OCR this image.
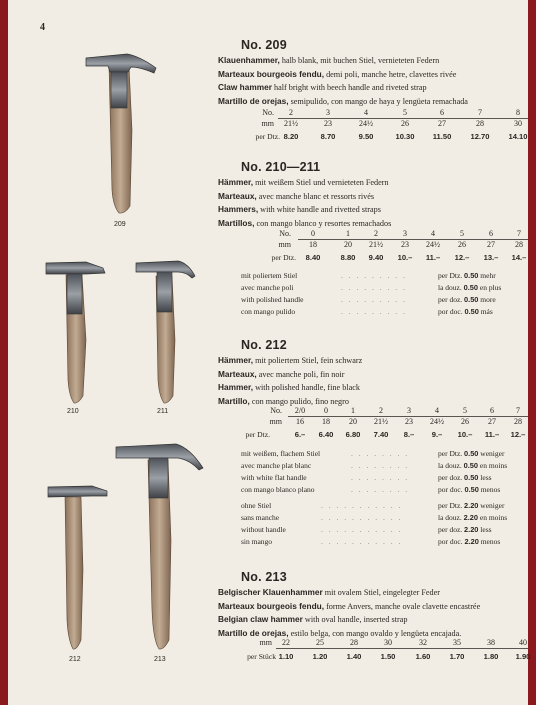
4
209
210	211
212	213
No. 209
Klauenhammer, halb blank, mit buchen Stiel, vernieteten Federn
Marteaux bourgeois fendu, demi poli, manche hetre, clavettes rivée
Claw hammer half bright with beech handle and riveted strap
Martillo de orejas, semipulido, con mango de haya y lengüeta remachada
No.	2	3	4	5	6	7	8
mm	21½	23	24½	26	27	28	30
per Dtz. 8.20	8.70	9.50	10.30	11.50	12.70	14.10
No. 210—211
Hämmer, mit weißem Stiel und vernieteten Federn
Marteaux, avec manche blanc et ressorts rivés
Hammers, with white handle and rivetted straps
Martillos, con mango blanco y resortes remachados
No.	0	1	2	3	4	5	6	7
mm	18	20	21½	23	24½	26	27	28
per Dtz.	8.40	8.80	9.40	10.–	11.–	12.–	13.–	14.–
mit poliertem Stiel	. . . . . . . . .	per Dtz. 0.50 mehr
avec manche poli	. . . . . . . . .	la douz. 0.50 en plus
with polished handle	. . . . . . . . .	per doz. 0.50 more
con mango pulido	. . . . . . . . .	por doc. 0.50 más
No. 212
Hämmer, mit poliertem Stiel, fein schwarz
Marteaux, avec manche poli, fin noir
Hammer, with polished handle, fine black
Martillo, con mango pulido, fino negro
No.	2/0	0	1	2	3	4	5	6	7
mm	16	18	20	21½	23	24½	26	27	28
per Dtz.	6.–	6.40	6.80	7.40	8.–	9.–	10.–	11.–	12.–
mit weißem, flachem Stiel	. . . . . . . .	per Dtz. 0.50 weniger
avec manche plat blanc	. . . . . . . .	la douz. 0.50 en moins
with white flat handle	. . . . . . . .	per doz. 0.50 less
con mango blanco plano	. . . . . . . .	por doc. 0.50 menos
ohne Stiel	. . . . . . . . . . .	per Dtz. 2.20 weniger
sans manche	. . . . . . . . . . .	la douz. 2.20 en moins
without handle	. . . . . . . . . . .	per doz. 2.20 less
sin mango	. . . . . . . . . . .	por doc. 2.20 menos
No. 213
Belgischer Klauenhammer mit ovalem Stiel, eingelegter Feder
Marteaux bourgeois fendu, forme Anvers, manche ovale clavette encastrée
Belgian claw hammer with oval handle, inserted strap
Martillo de orejas, estilo belga, con mango ovaldo y lengüeta encajada.
mm	22	25	28	30	32	35	38	40
per Stück 1.10	1.20	1.40	1.50	1.60	1.70	1.80	1.90
